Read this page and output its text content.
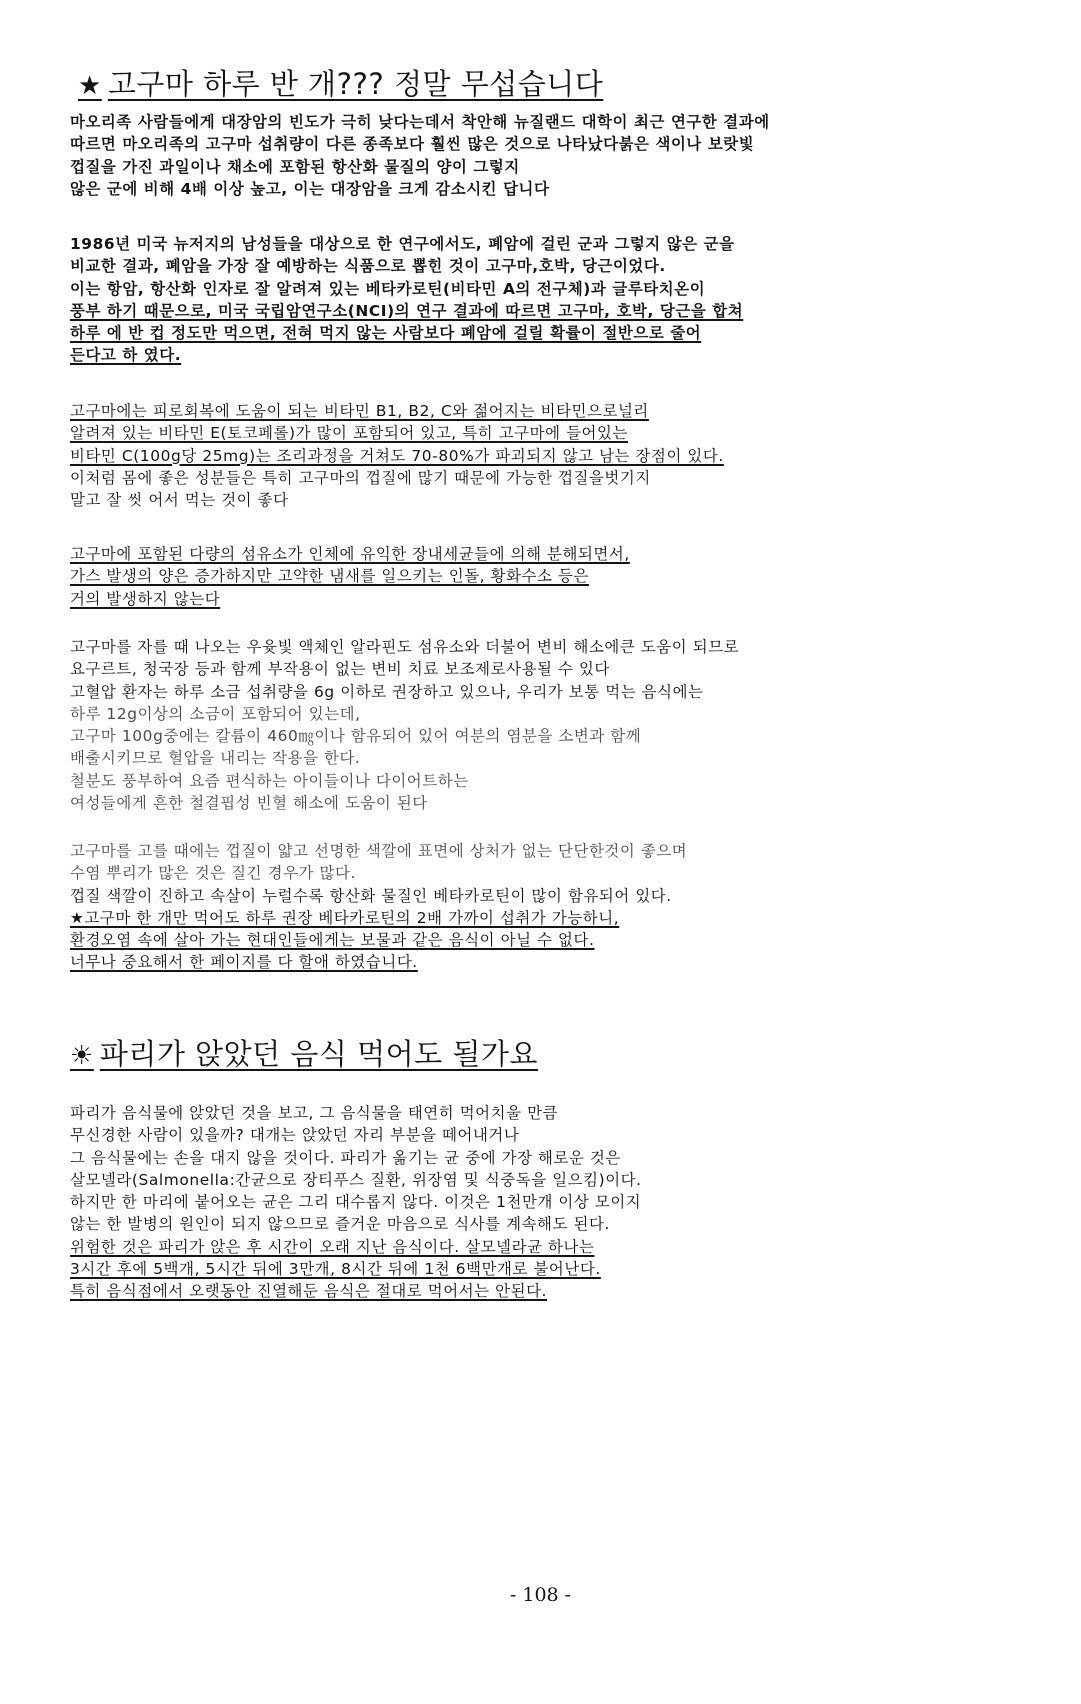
★ 고구마 하루 반 개??? 정말 무섭습니다
마오리족 사람들에게 대장암의 빈도가 극히 낮다는데서 착안해 뉴질랜드 대학이 최근 연구한 결과에
따르면 마오리족의 고구마 섭취량이 다른 종족보다 훨씬 많은 것으로 나타났다붉은 색이나 보랏빛
껍질을 가진 과일이나 채소에 포함된 항산화 물질의 양이 그렇지
않은 군에 비해 4배 이상 높고, 이는 대장암을 크게 감소시킨 답니다
1986년 미국 뉴저지의 남성들을 대상으로 한 연구에서도, 폐암에 걸린 군과 그렇지 않은 군을
비교한 결과, 폐암을 가장 잘 예방하는 식품으로 뽑힌 것이 고구마,호박, 당근이었다.
이는 항암, 항산화 인자로 잘 알려져 있는 베타카로틴(비타민 A의 전구체)과 글루타치온이
풍부 하기 때문으로, 미국 국립암연구소(NCI)의 연구 결과에 따르면 고구마, 호박, 당근을 합쳐
하루 에 반 컵 정도만 먹으면, 전혀 먹지 않는 사람보다 폐암에 걸릴 확률이 절반으로 줄어
든다고 하 였다.
고구마에는 피로회복에 도움이 되는 비타민 B1, B2, C와 젊어지는 비타민으로널리
알려져 있는 비타민 E(토코페롤)가 많이 포함되어 있고, 특히 고구마에 들어있는
비타민 C(100g당 25mg)는 조리과정을 거쳐도 70-80%가 파괴되지 않고 남는 장점이 있다.
이처럼 몸에 좋은 성분들은 특히 고구마의 껍질에 많기 때문에 가능한 껍질을벗기지
말고 잘 씻 어서 먹는 것이 좋다
고구마에 포함된 다량의 섬유소가 인체에 유익한 장내세균들에 의해 분해되면서,
가스 발생의 양은 증가하지만 고약한 냄새를 일으키는 인돌, 황화수소 등은
거의 발생하지 않는다
고구마를 자를 때 나오는 우윳빛 액체인 알라핀도 섬유소와 더불어 변비 해소에큰 도움이 되므로
요구르트, 청국장 등과 함께 부작용이 없는 변비 치료 보조제로사용될 수 있다
고혈압 환자는 하루 소금 섭취량을 6g 이하로 권장하고 있으나, 우리가 보통 먹는 음식에는
하루 12g이상의 소금이 포함되어 있는데,
고구마 100g중에는 칼륨이 460㎎이나 함유되어 있어 여분의 염분을 소변과 함께
배출시키므로 혈압을 내리는 작용을 한다.
철분도 풍부하여 요즘 편식하는 아이들이나 다이어트하는
여성들에게 흔한 철결핍성 빈혈 해소에 도움이 된다
고구마를 고를 때에는 껍질이 얇고 선명한 색깔에 표면에 상처가 없는 단단한것이 좋으며
수염 뿌리가 많은 것은 질긴 경우가 많다.
껍질 색깔이 진하고 속살이 누럴수록 항산화 물질인 베타카로틴이 많이 함유되어 있다.
★고구마 한 개만 먹어도 하루 권장 베타카로틴의 2배 가까이 섭취가 가능하니,
환경오염 속에 살아 가는 현대인들에게는 보물과 같은 음식이 아닐 수 없다.
너무나 중요해서 한 페이지를 다 할애 하였습니다.
☀ 파리가 앉았던 음식 먹어도 될가요
파리가 음식물에 앉았던 것을 보고, 그 음식물을 태연히 먹어치울 만큼
무신경한 사람이 있을까? 대개는 앉았던 자리 부분을 떼어내거나
그 음식물에는 손을 대지 않을 것이다. 파리가 옮기는 균 중에 가장 해로운 것은
살모넬라(Salmonella:간균으로 장티푸스 질환, 위장염 및 식중독을 일으킴)이다.
하지만 한 마리에 붙어오는 균은 그리 대수롭지 않다. 이것은 1천만개 이상 모이지
않는 한 발병의 원인이 되지 않으므로 즐거운 마음으로 식사를 계속해도 된다.
위험한 것은 파리가 앉은 후 시간이 오래 지난 음식이다. 살모넬라균 하나는
3시간 후에 5백개, 5시간 뒤에 3만개, 8시간 뒤에 1천 6백만개로 불어난다.
특히 음식점에서 오랫동안 진열해둔 음식은 절대로 먹어서는 안된다.
- 108 -
